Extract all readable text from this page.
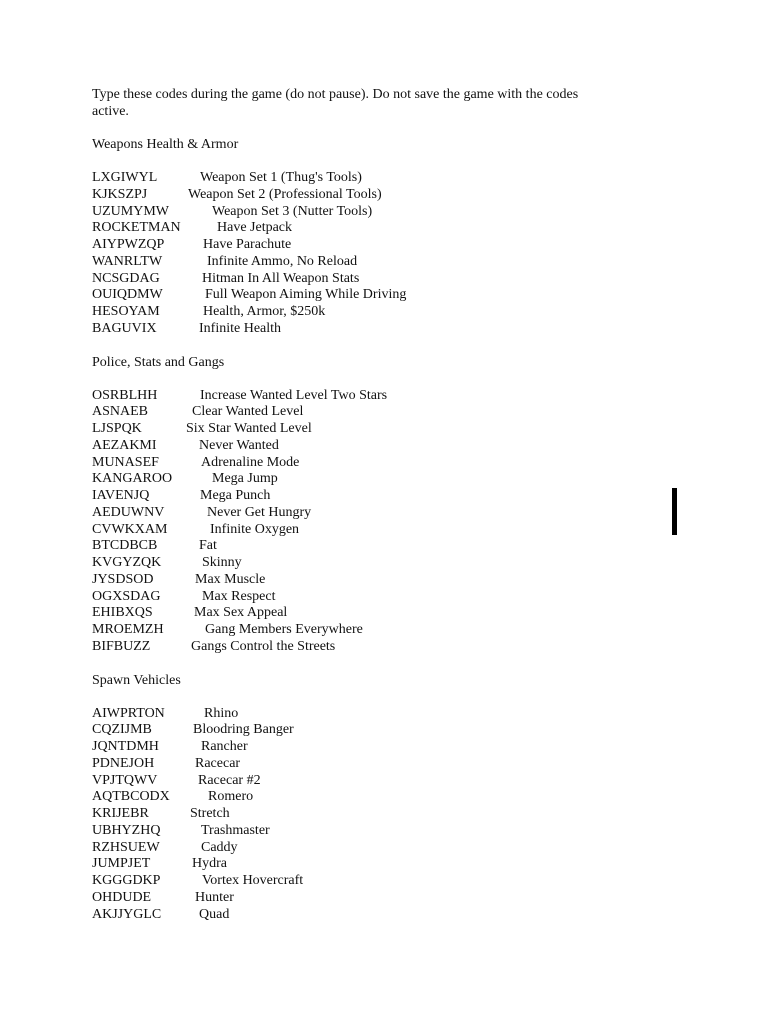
Type these codes during the game (do not pause). Do not save the game with the codes active.

Weapons Health & Armor
LXGIWYL	Weapon Set 1 (Thug's Tools)
KJKSZPJ	Weapon Set 2 (Professional Tools)
UZUMYMW	Weapon Set 3 (Nutter Tools)
ROCKETMAN	Have Jetpack
AIYPWZQP	Have Parachute
WANRLTW	Infinite Ammo, No Reload
NCSGDAG	Hitman In All Weapon Stats
OUIQDMW	Full Weapon Aiming While Driving
HESOYAM	Health, Armor, $250k
BAGUVIX	Infinite Health
Police, Stats and Gangs
OSRBLHH	Increase Wanted Level Two Stars
ASNAEB	Clear Wanted Level
LJSPQK	Six Star Wanted Level
AEZAKMI	Never Wanted
MUNASEF	Adrenaline Mode
KANGAROO	Mega Jump
IAVENJQ	Mega Punch
AEDUWNV	Never Get Hungry
CVWKXAM	Infinite Oxygen
BTCDBCB	Fat
KVGYZQK	Skinny
JYSDSOD	Max Muscle
OGXSDAG	Max Respect
EHIBXQS	Max Sex Appeal
MROEMZH	Gang Members Everywhere
BIFBUZZ	Gangs Control the Streets
Spawn Vehicles
AIWPRTON	Rhino
CQZIJMB	Bloodring Banger
JQNTDMH	Rancher
PDNEJOH	Racecar
VPJTQWV	Racecar #2
AQTBCODX	Romero
KRIJEBR	Stretch
UBHYZHQ	Trashmaster
RZHSUEW	Caddy
JUMPJET	Hydra
KGGGDKP	Vortex Hovercraft
OHDUDE	Hunter
AKJJYGLC	Quad
